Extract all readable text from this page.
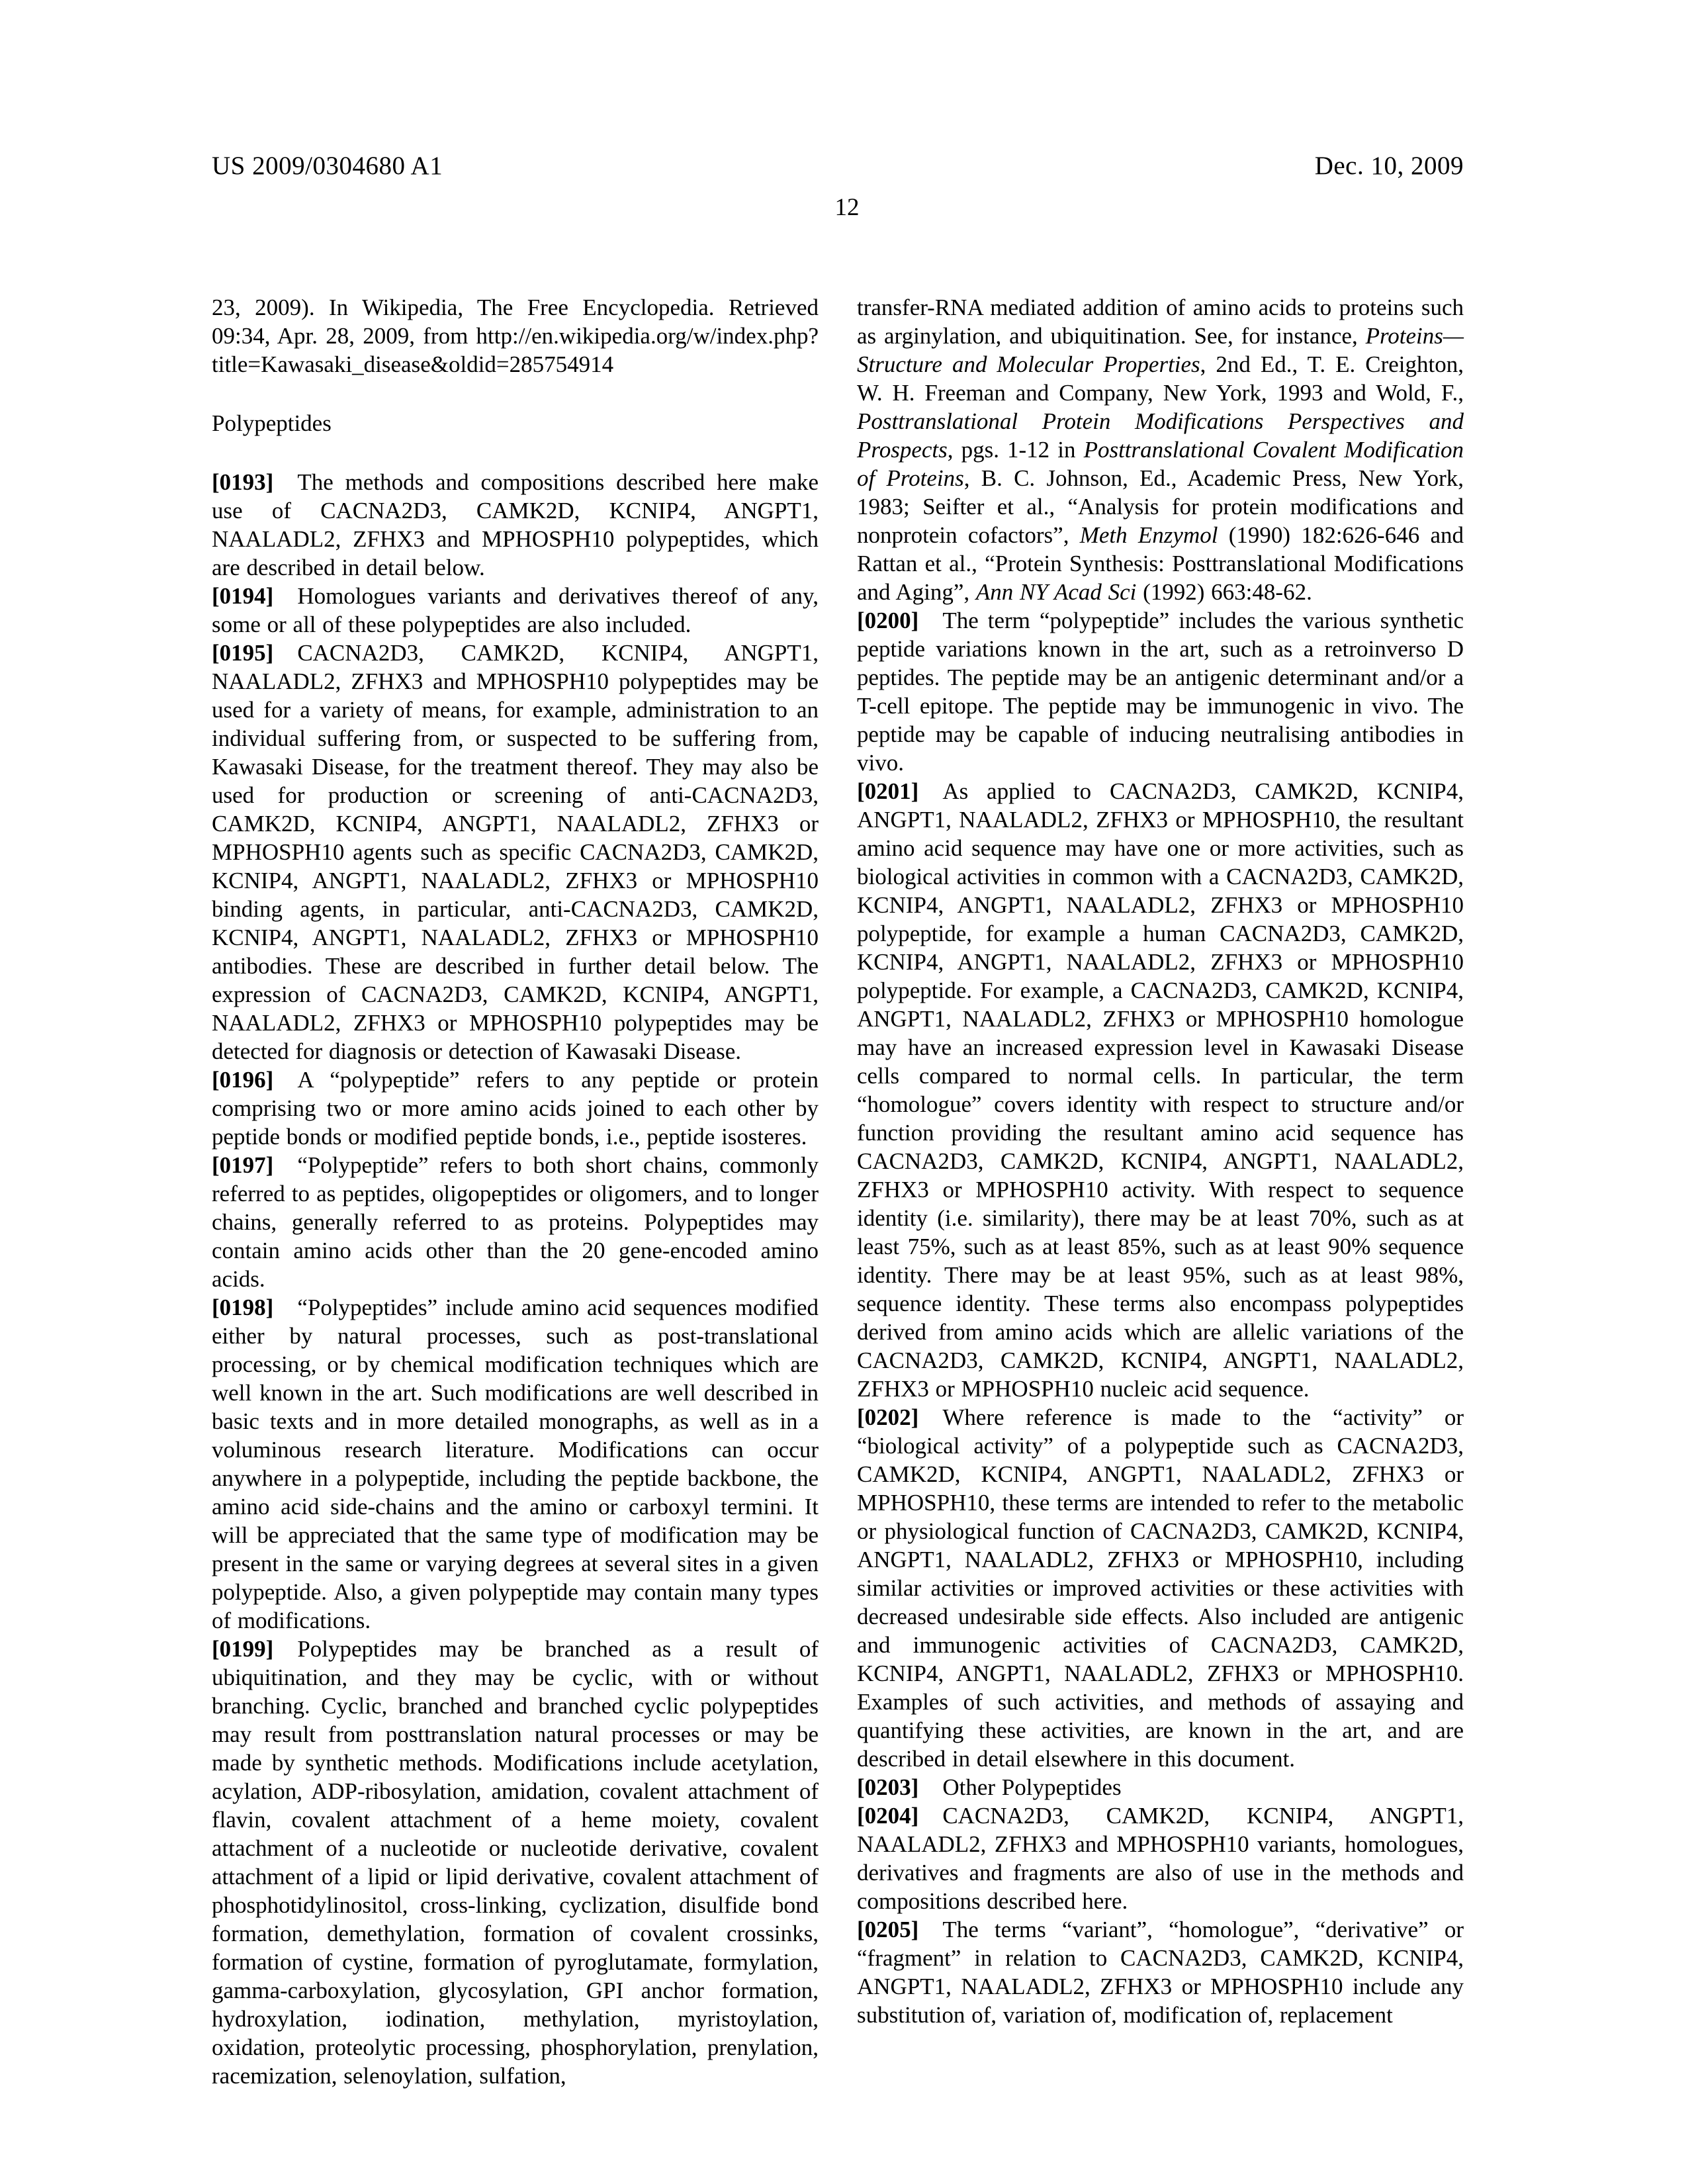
US 2009/0304680 A1	Dec. 10, 2009
12

23, 2009). In Wikipedia, The Free Encyclopedia. Retrieved 09:34, Apr. 28, 2009, from http://en.wikipedia.org/w/index.php?title=Kawasaki_disease&oldid=285754914

Polypeptides

[0193] The methods and compositions described here make use of CACNA2D3, CAMK2D, KCNIP4, ANGPT1, NAALADL2, ZFHX3 and MPHOSPH10 polypeptides, which are described in detail below.

[0194] Homologues variants and derivatives thereof of any, some or all of these polypeptides are also included.

[0195] CACNA2D3, CAMK2D, KCNIP4, ANGPT1, NAALADL2, ZFHX3 and MPHOSPH10 polypeptides may be used for a variety of means, for example, administration to an individual suffering from, or suspected to be suffering from, Kawasaki Disease, for the treatment thereof. They may also be used for production or screening of anti-CACNA2D3, CAMK2D, KCNIP4, ANGPT1, NAALADL2, ZFHX3 or MPHOSPH10 agents such as specific CACNA2D3, CAMK2D, KCNIP4, ANGPT1, NAALADL2, ZFHX3 or MPHOSPH10 binding agents, in particular, anti-CACNA2D3, CAMK2D, KCNIP4, ANGPT1, NAALADL2, ZFHX3 or MPHOSPH10 antibodies. These are described in further detail below. The expression of CACNA2D3, CAMK2D, KCNIP4, ANGPT1, NAALADL2, ZFHX3 or MPHOSPH10 polypeptides may be detected for diagnosis or detection of Kawasaki Disease.

[0196] A “polypeptide” refers to any peptide or protein comprising two or more amino acids joined to each other by peptide bonds or modified peptide bonds, i.e., peptide isosteres.

[0197] “Polypeptide” refers to both short chains, commonly referred to as peptides, oligopeptides or oligomers, and to longer chains, generally referred to as proteins. Polypeptides may contain amino acids other than the 20 gene-encoded amino acids.

[0198] “Polypeptides” include amino acid sequences modified either by natural processes, such as post-translational processing, or by chemical modification techniques which are well known in the art. Such modifications are well described in basic texts and in more detailed monographs, as well as in a voluminous research literature. Modifications can occur anywhere in a polypeptide, including the peptide backbone, the amino acid side-chains and the amino or carboxyl termini. It will be appreciated that the same type of modification may be present in the same or varying degrees at several sites in a given polypeptide. Also, a given polypeptide may contain many types of modifications.

[0199] Polypeptides may be branched as a result of ubiquitination, and they may be cyclic, with or without branching. Cyclic, branched and branched cyclic polypeptides may result from posttranslation natural processes or may be made by synthetic methods. Modifications include acetylation, acylation, ADP-ribosylation, amidation, covalent attachment of flavin, covalent attachment of a heme moiety, covalent attachment of a nucleotide or nucleotide derivative, covalent attachment of a lipid or lipid derivative, covalent attachment of phosphotidylinositol, cross-linking, cyclization, disulfide bond formation, demethylation, formation of covalent crossinks, formation of cystine, formation of pyroglutamate, formylation, gamma-carboxylation, glycosylation, GPI anchor formation, hydroxylation, iodination, methylation, myristoylation, oxidation, proteolytic processing, phosphorylation, prenylation, racemization, selenoylation, sulfation,

transfer-RNA mediated addition of amino acids to proteins such as arginylation, and ubiquitination. See, for instance, Proteins—Structure and Molecular Properties, 2nd Ed., T. E. Creighton, W. H. Freeman and Company, New York, 1993 and Wold, F., Posttranslational Protein Modifications Perspectives and Prospects, pgs. 1-12 in Posttranslational Covalent Modification of Proteins, B. C. Johnson, Ed., Academic Press, New York, 1983; Seifter et al., “Analysis for protein modifications and nonprotein cofactors”, Meth Enzymol (1990) 182:626-646 and Rattan et al., “Protein Synthesis: Posttranslational Modifications and Aging”, Ann NY Acad Sci (1992) 663:48-62.

[0200] The term “polypeptide” includes the various synthetic peptide variations known in the art, such as a retroinverso D peptides. The peptide may be an antigenic determinant and/or a T-cell epitope. The peptide may be immunogenic in vivo. The peptide may be capable of inducing neutralising antibodies in vivo.

[0201] As applied to CACNA2D3, CAMK2D, KCNIP4, ANGPT1, NAALADL2, ZFHX3 or MPHOSPH10, the resultant amino acid sequence may have one or more activities, such as biological activities in common with a CACNA2D3, CAMK2D, KCNIP4, ANGPT1, NAALADL2, ZFHX3 or MPHOSPH10 polypeptide, for example a human CACNA2D3, CAMK2D, KCNIP4, ANGPT1, NAALADL2, ZFHX3 or MPHOSPH10 polypeptide. For example, a CACNA2D3, CAMK2D, KCNIP4, ANGPT1, NAALADL2, ZFHX3 or MPHOSPH10 homologue may have an increased expression level in Kawasaki Disease cells compared to normal cells. In particular, the term “homologue” covers identity with respect to structure and/or function providing the resultant amino acid sequence has CACNA2D3, CAMK2D, KCNIP4, ANGPT1, NAALADL2, ZFHX3 or MPHOSPH10 activity. With respect to sequence identity (i.e. similarity), there may be at least 70%, such as at least 75%, such as at least 85%, such as at least 90% sequence identity. There may be at least 95%, such as at least 98%, sequence identity. These terms also encompass polypeptides derived from amino acids which are allelic variations of the CACNA2D3, CAMK2D, KCNIP4, ANGPT1, NAALADL2, ZFHX3 or MPHOSPH10 nucleic acid sequence.

[0202] Where reference is made to the “activity” or “biological activity” of a polypeptide such as CACNA2D3, CAMK2D, KCNIP4, ANGPT1, NAALADL2, ZFHX3 or MPHOSPH10, these terms are intended to refer to the metabolic or physiological function of CACNA2D3, CAMK2D, KCNIP4, ANGPT1, NAALADL2, ZFHX3 or MPHOSPH10, including similar activities or improved activities or these activities with decreased undesirable side effects. Also included are antigenic and immunogenic activities of CACNA2D3, CAMK2D, KCNIP4, ANGPT1, NAALADL2, ZFHX3 or MPHOSPH10. Examples of such activities, and methods of assaying and quantifying these activities, are known in the art, and are described in detail elsewhere in this document.

[0203] Other Polypeptides

[0204] CACNA2D3, CAMK2D, KCNIP4, ANGPT1, NAALADL2, ZFHX3 and MPHOSPH10 variants, homologues, derivatives and fragments are also of use in the methods and compositions described here.

[0205] The terms “variant”, “homologue”, “derivative” or “fragment” in relation to CACNA2D3, CAMK2D, KCNIP4, ANGPT1, NAALADL2, ZFHX3 or MPHOSPH10 include any substitution of, variation of, modification of, replacement
